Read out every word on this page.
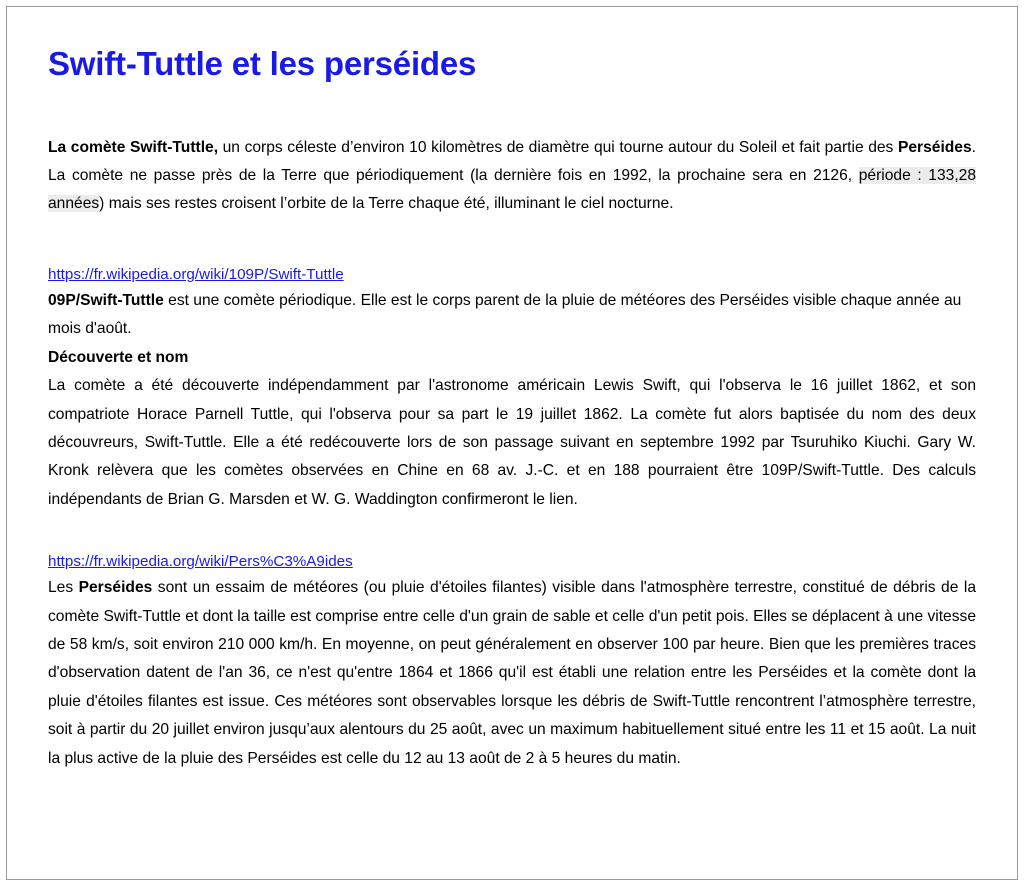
Swift-Tuttle et les perséides

La comète Swift-Tuttle, un corps céleste d’environ 10 kilomètres de diamètre qui tourne autour du Soleil et fait partie des Perséides. La comète ne passe près de la Terre que périodiquement (la dernière fois en 1992, la prochaine sera en 2126, période : 133,28 années) mais ses restes croisent l’orbite de la Terre chaque été, illuminant le ciel nocturne.

https://fr.wikipedia.org/wiki/109P/Swift-Tuttle

09P/Swift-Tuttle est une comète périodique. Elle est le corps parent de la pluie de météores des Perséides visible chaque année au mois d'août.

Découverte et nom

La comète a été découverte indépendamment par l'astronome américain Lewis Swift, qui l'observa le 16 juillet 1862, et son compatriote Horace Parnell Tuttle, qui l'observa pour sa part le 19 juillet 1862. La comète fut alors baptisée du nom des deux découvreurs, Swift-Tuttle. Elle a été redécouverte lors de son passage suivant en septembre 1992 par Tsuruhiko Kiuchi. Gary W. Kronk relèvera que les comètes observées en Chine en 68 av. J.-C. et en 188 pourraient être 109P/Swift-Tuttle. Des calculs indépendants de Brian G. Marsden et W. G. Waddington confirmeront le lien.

https://fr.wikipedia.org/wiki/Pers%C3%A9ides

Les Perséides sont un essaim de météores (ou pluie d'étoiles filantes) visible dans l'atmosphère terrestre, constitué de débris de la comète Swift-Tuttle et dont la taille est comprise entre celle d'un grain de sable et celle d'un petit pois. Elles se déplacent à une vitesse de 58 km/s, soit environ 210 000 km/h. En moyenne, on peut généralement en observer 100 par heure. Bien que les premières traces d'observation datent de l'an 36, ce n'est qu'entre 1864 et 1866 qu'il est établi une relation entre les Perséides et la comète dont la pluie d'étoiles filantes est issue. Ces météores sont observables lorsque les débris de Swift-Tuttle rencontrent l’atmosphère terrestre, soit à partir du 20 juillet environ jusqu’aux alentours du 25 août, avec un maximum habituellement situé entre les 11 et 15 août. La nuit la plus active de la pluie des Perséides est celle du 12 au 13 août de 2 à 5 heures du matin.
